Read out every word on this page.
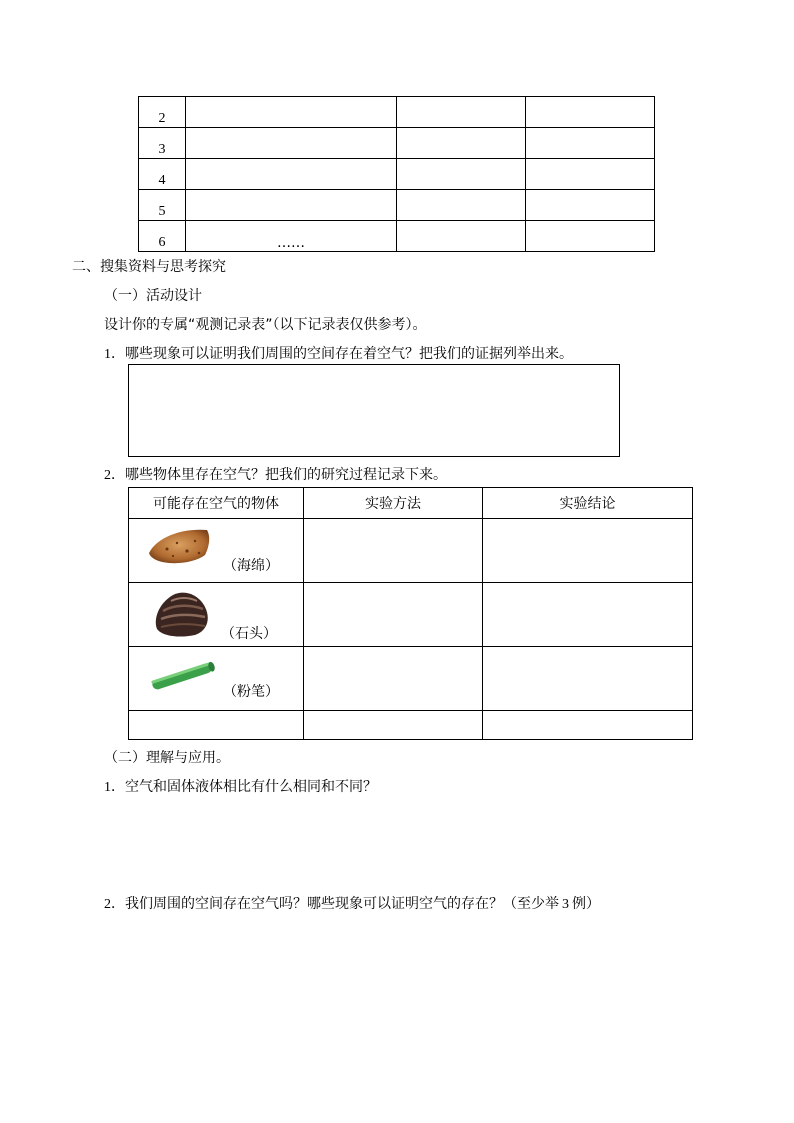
2			
3			
4			
5			
6	……		
二、搜集资料与思考探究
（一）活动设计
设计你的专属“观测记录表”（以下记录表仅供参考）。
1．哪些现象可以证明我们周围的空间存在着空气？把我们的证据列举出来。
2．哪些物体里存在空气？把我们的研究过程记录下来。
可能存在空气的物体	实验方法	实验结论

（海绵）		

（石头）		

（粉笔）		

（二）理解与应用。
1．空气和固体液体相比有什么相同和不同？
2．我们周围的空间存在空气吗？哪些现象可以证明空气的存在？（至少举 3 例）
